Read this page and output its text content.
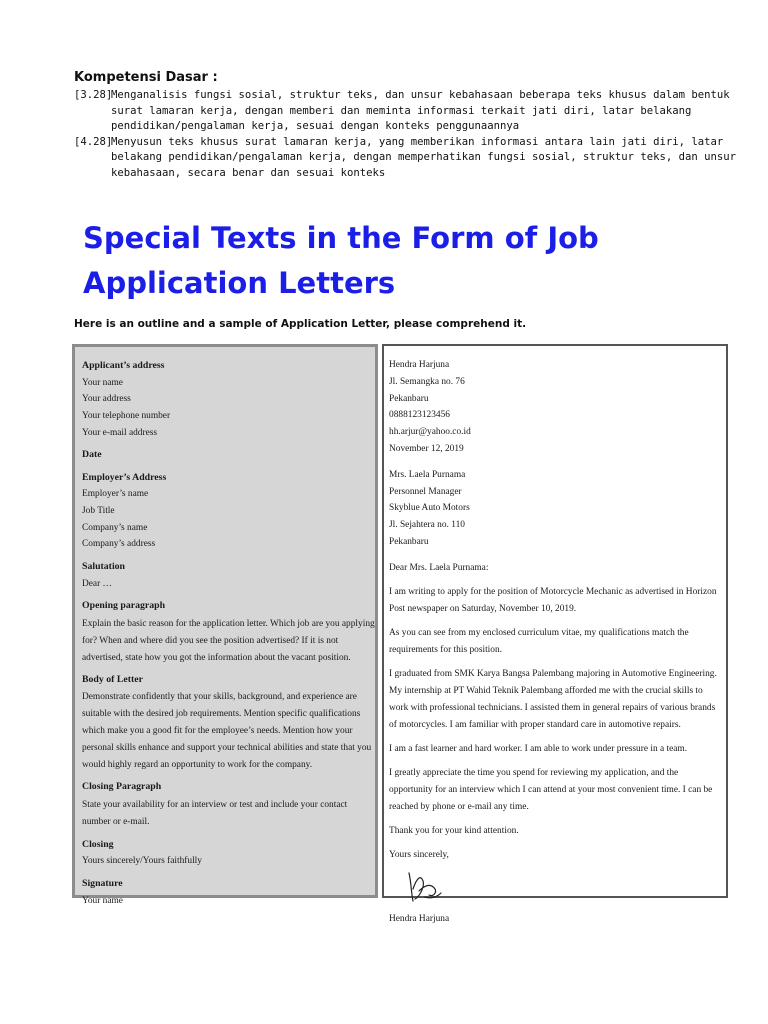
Kompetensi Dasar :
[3.28]
Menganalisis fungsi sosial, struktur teks, dan unsur kebahasaan beberapa teks khusus dalam bentuk surat lamaran kerja, dengan memberi dan meminta informasi terkait jati diri, latar belakang pendidikan/pengalaman kerja, sesuai dengan konteks penggunaannya
[4.28]
Menyusun teks khusus surat lamaran kerja, yang memberikan informasi antara lain jati diri, latar belakang pendidikan/pengalaman kerja, dengan memperhatikan fungsi sosial, struktur teks, dan unsur kebahasaan, secara benar dan sesuai konteks
Special Texts in the Form of Job Application Letters
Here is an outline and a sample of Application Letter, please comprehend it.
Applicant’s address
Your name
Your address
Your telephone number
Your e-mail address
Date
Employer’s Address
Employer’s name
Job Title
Company’s name
Company’s address
Salutation
Dear …
Opening paragraph
Explain the basic reason for the application letter. Which job are you applying for? When and where did you see the position advertised? If it is not advertised, state how you got the information about the vacant position.
Body of Letter
Demonstrate confidently that your skills, background, and experience are suitable with the desired job requirements. Mention specific qualifications which make you a good fit for the employee’s needs. Mention how your personal skills enhance and support your technical abilities and state that you would highly regard an opportunity to work for the company.
Closing Paragraph
State your availability for an interview or test and include your contact number or e-mail.
Closing
Yours sincerely/Yours faithfully
Signature
Your name
Hendra Harjuna
Jl. Semangka no. 76
Pekanbaru
0888123123456
hh.arjur@yahoo.co.id
November 12, 2019
Mrs. Laela Purnama
Personnel Manager
Skyblue Auto Motors
Jl. Sejahtera no. 110
Pekanbaru
Dear Mrs. Laela Purnama:
I am writing to apply for the position of Motorcycle Mechanic as advertised in Horizon Post newspaper on Saturday, November 10, 2019.
As you can see from my enclosed curriculum vitae, my qualifications match the requirements for this position.
I graduated from SMK Karya Bangsa Palembang majoring in Automotive Engineering. My internship at PT Wahid Teknik Palembang afforded me with the crucial skills to work with professional technicians. I assisted them in general repairs of various brands of motorcycles. I am familiar with proper standard care in automotive repairs.
I am a fast learner and hard worker. I am able to work under pressure in a team.
I greatly appreciate the time you spend for reviewing my application, and the opportunity for an interview which I can attend at your most convenient time. I can be reached by phone or e-mail any time.
Thank you for your kind attention.
Yours sincerely,
Hendra Harjuna
